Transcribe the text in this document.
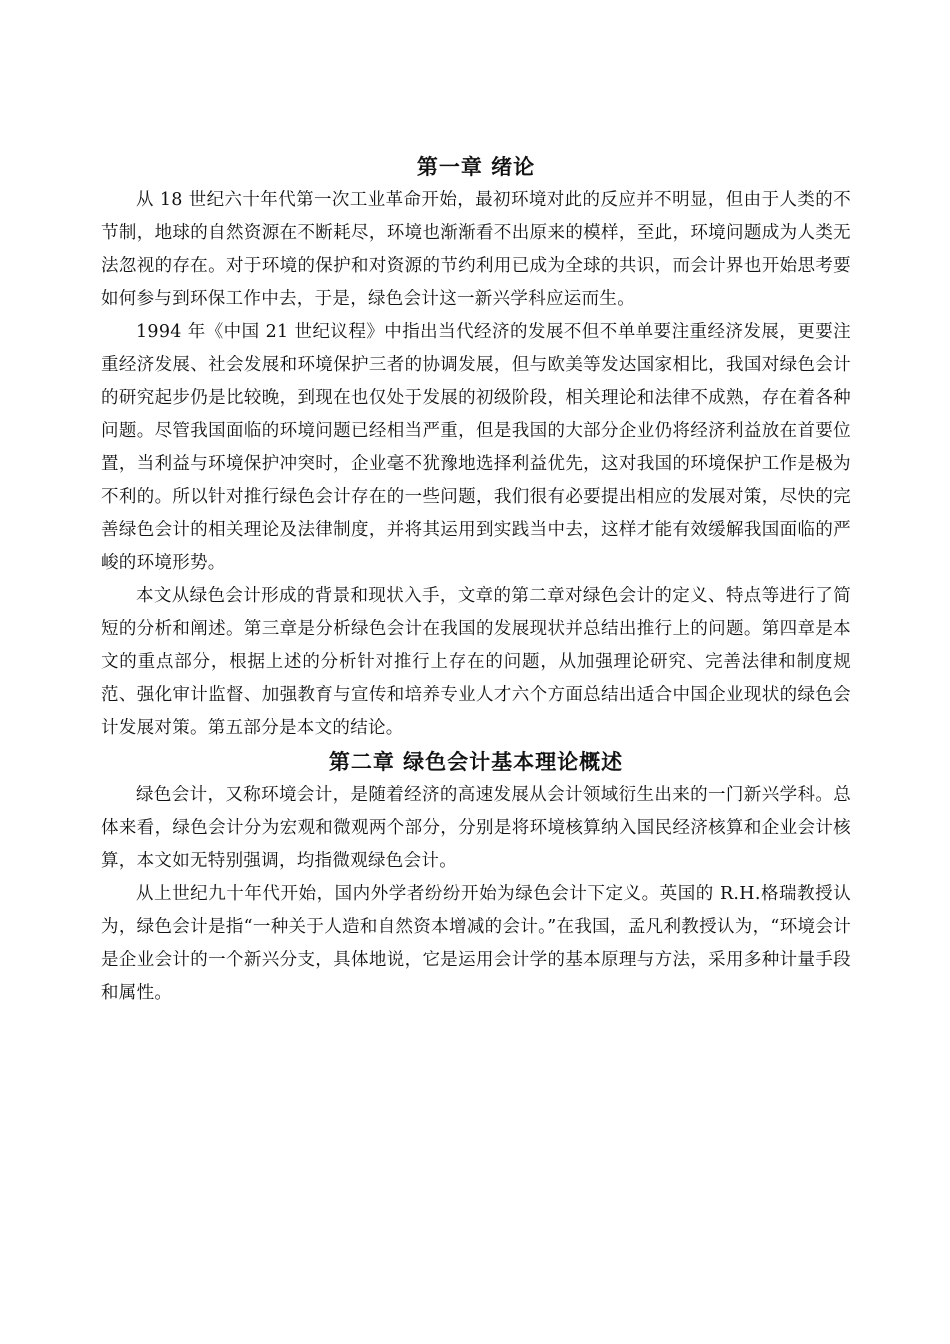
第一章 绪论

从 18 世纪六十年代第一次工业革命开始，最初环境对此的反应并不明显，但由于人类的不节制，地球的自然资源在不断耗尽，环境也渐渐看不出原来的模样，至此，环境问题成为人类无法忽视的存在。对于环境的保护和对资源的节约利用已成为全球的共识，而会计界也开始思考要如何参与到环保工作中去，于是，绿色会计这一新兴学科应运而生。

1994 年《中国 21 世纪议程》中指出当代经济的发展不但不单单要注重经济发展，更要注重经济发展、社会发展和环境保护三者的协调发展，但与欧美等发达国家相比，我国对绿色会计的研究起步仍是比较晚，到现在也仅处于发展的初级阶段，相关理论和法律不成熟，存在着各种问题。尽管我国面临的环境问题已经相当严重，但是我国的大部分企业仍将经济利益放在首要位置，当利益与环境保护冲突时，企业毫不犹豫地选择利益优先，这对我国的环境保护工作是极为不利的。所以针对推行绿色会计存在的一些问题，我们很有必要提出相应的发展对策，尽快的完善绿色会计的相关理论及法律制度，并将其运用到实践当中去，这样才能有效缓解我国面临的严峻的环境形势。

本文从绿色会计形成的背景和现状入手，文章的第二章对绿色会计的定义、特点等进行了简短的分析和阐述。第三章是分析绿色会计在我国的发展现状并总结出推行上的问题。第四章是本文的重点部分，根据上述的分析针对推行上存在的问题，从加强理论研究、完善法律和制度规范、强化审计监督、加强教育与宣传和培养专业人才六个方面总结出适合中国企业现状的绿色会计发展对策。第五部分是本文的结论。

第二章 绿色会计基本理论概述

绿色会计，又称环境会计，是随着经济的高速发展从会计领域衍生出来的一门新兴学科。总体来看，绿色会计分为宏观和微观两个部分，分别是将环境核算纳入国民经济核算和企业会计核算，本文如无特别强调，均指微观绿色会计。

从上世纪九十年代开始，国内外学者纷纷开始为绿色会计下定义。英国的 R.H.格瑞教授认为，绿色会计是指“一种关于人造和自然资本增减的会计。”在我国，孟凡利教授认为，“环境会计是企业会计的一个新兴分支，具体地说，它是运用会计学的基本原理与方法，采用多种计量手段和属性。
